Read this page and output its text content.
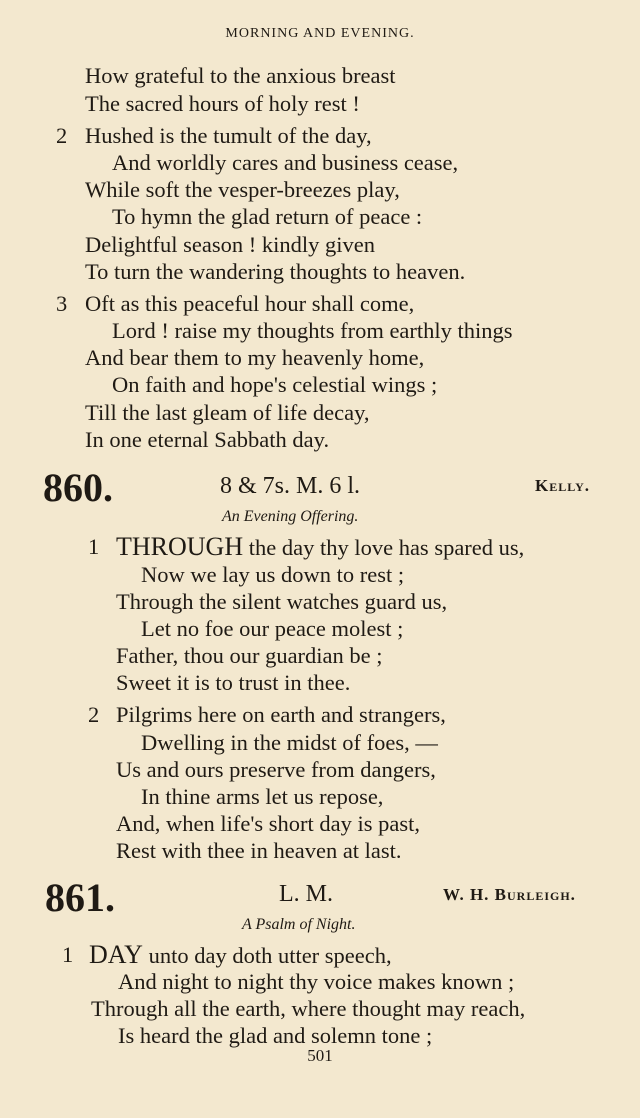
MORNING AND EVENING.
How grateful to the anxious breast
The sacred hours of holy rest !
2 Hushed is the tumult of the day,
And worldly cares and business cease,
While soft the vesper-breezes play,
To hymn the glad return of peace :
Delightful season ! kindly given
To turn the wandering thoughts to heaven.
3 Oft as this peaceful hour shall come,
Lord ! raise my thoughts from earthly things
And bear them to my heavenly home,
On faith and hope's celestial wings ;
Till the last gleam of life decay,
In one eternal Sabbath day.
860.	8 & 7s. M. 6 l.	Kelly.
An Evening Offering.
1 THROUGH the day thy love has spared us,
Now we lay us down to rest ;
Through the silent watches guard us,
Let no foe our peace molest ;
Father, thou our guardian be ;
Sweet it is to trust in thee.
2 Pilgrims here on earth and strangers,
Dwelling in the midst of foes, —
Us and ours preserve from dangers,
In thine arms let us repose,
And, when life's short day is past,
Rest with thee in heaven at last.
861.	L. M.	W. H. Burleigh.
A Psalm of Night.
1 DAY unto day doth utter speech,
And night to night thy voice makes known ;
Through all the earth, where thought may reach,
Is heard the glad and solemn tone ;
501
